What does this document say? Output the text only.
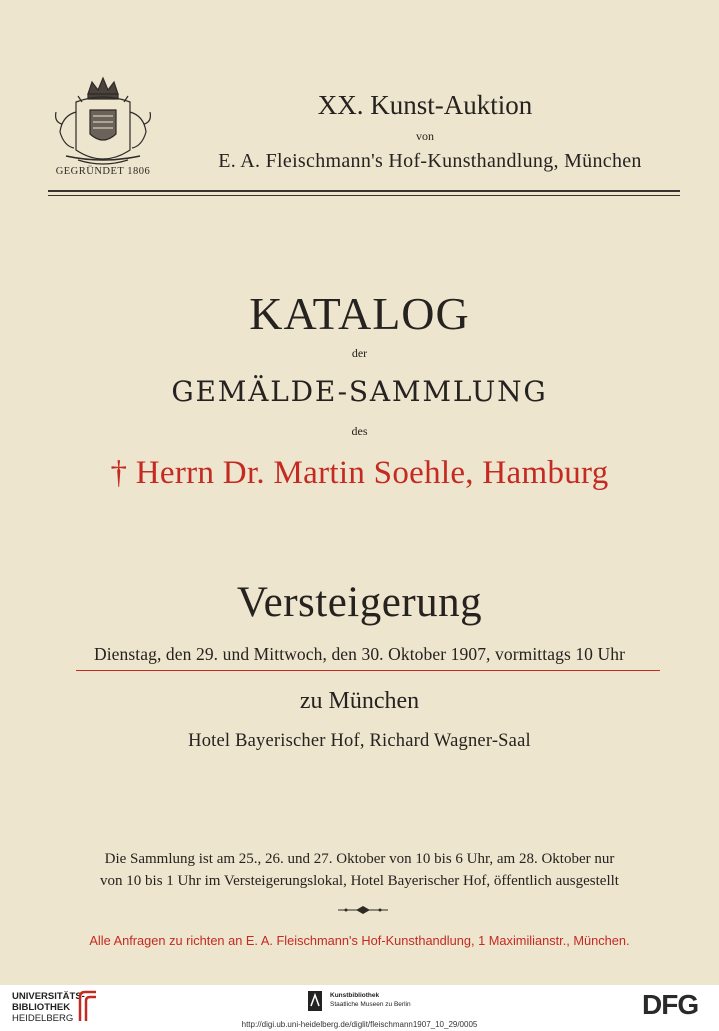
GEGRÜNDET 1806
XX. Kunst-Auktion
von
E. A. Fleischmann's Hof-Kunsthandlung, München
KATALOG
der
GEMÄLDE-SAMMLUNG
des
† Herrn Dr. Martin Soehle, Hamburg
Versteigerung
Dienstag, den 29. und Mittwoch, den 30. Oktober 1907, vormittags 10 Uhr
zu München
Hotel Bayerischer Hof, Richard Wagner-Saal
Die Sammlung ist am 25., 26. und 27. Oktober von 10 bis 6 Uhr, am 28. Oktober nur
von 10 bis 1 Uhr im Versteigerungslokal, Hotel Bayerischer Hof, öffentlich ausgestellt
Alle Anfragen zu richten an E. A. Fleischmann's Hof-Kunsthandlung, 1 Maximilianstr., München.
UNIVERSITÄTS-
BIBLIOTHEK
HEIDELBERG
Kunstbibliothek
Staatliche Museen zu Berlin	DFG
http://digi.ub.uni-heidelberg.de/diglit/fleischmann1907_10_29/0005
